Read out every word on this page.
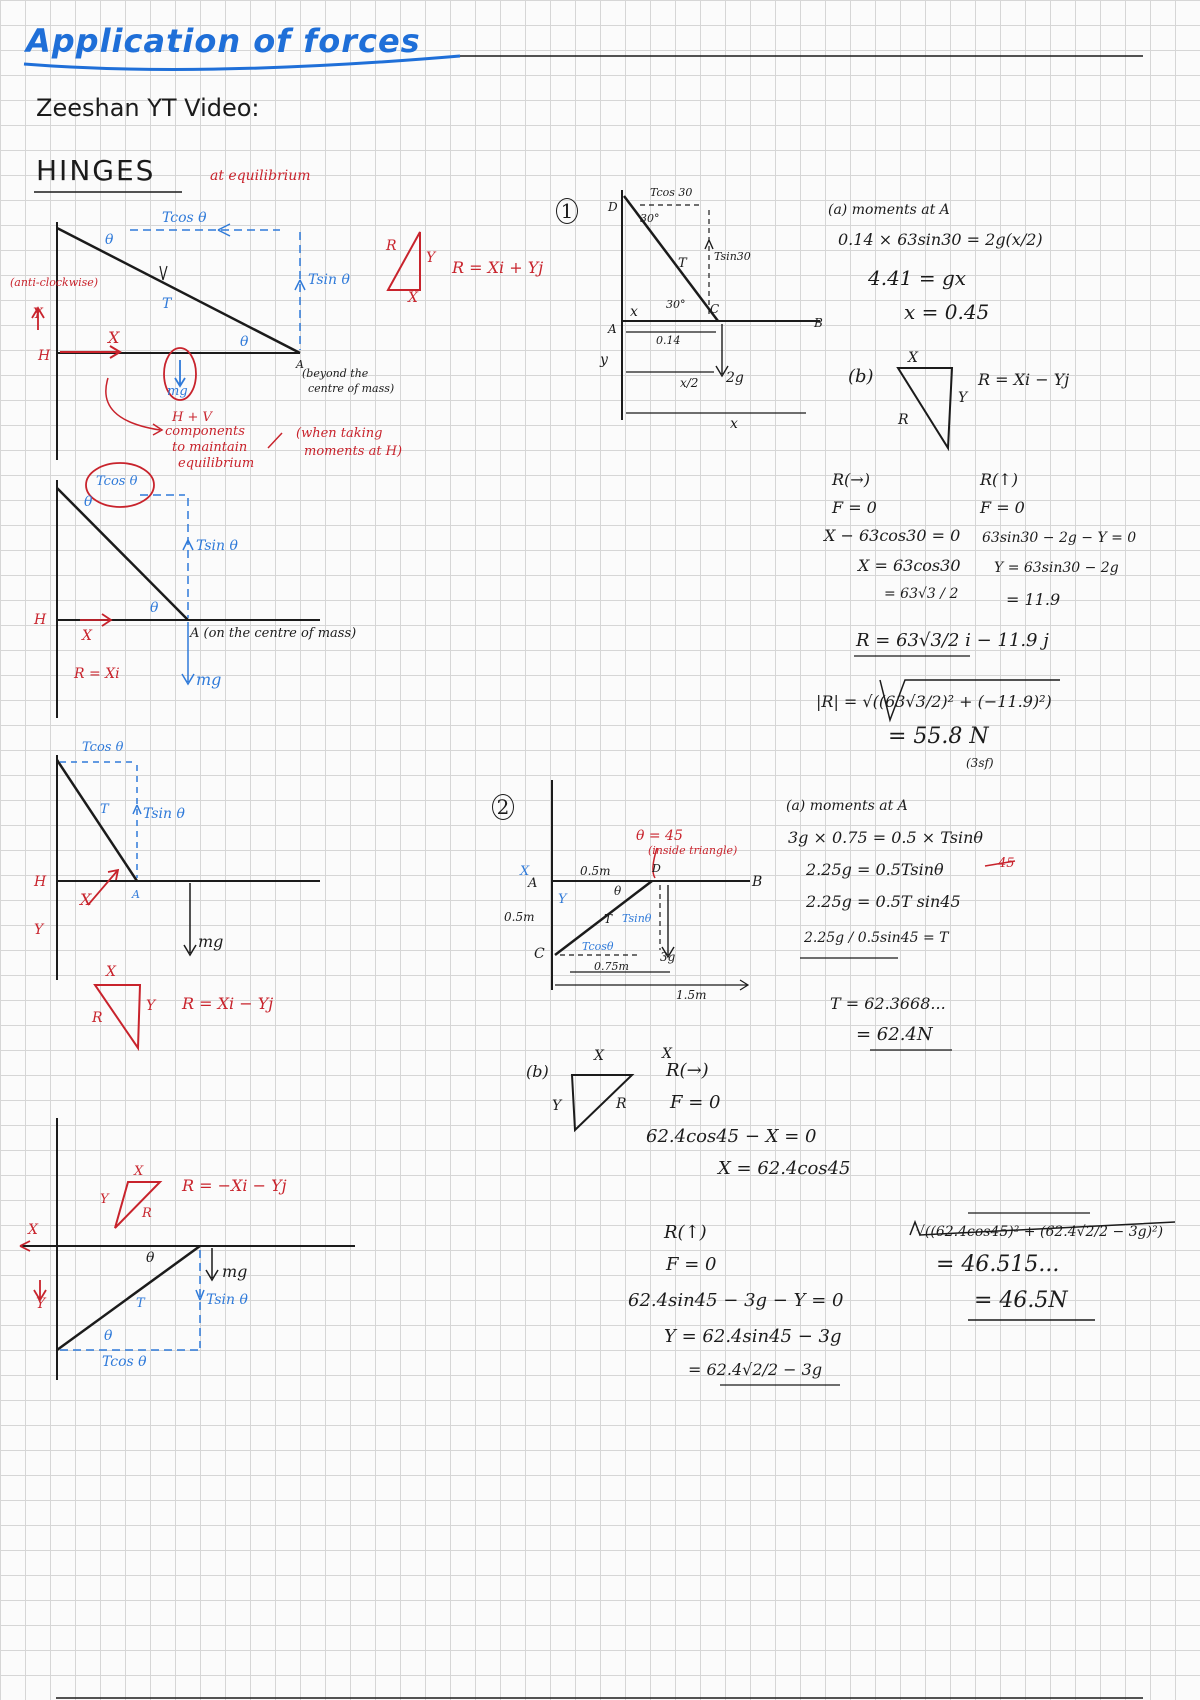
Application of forces
Zeeshan YT Video:
HINGES	at equilibrium
Tcos θ
Tsin θ
θ
θ
T
H
X
Y
(anti-clockwise)
mg
A
(beyond the
centre of mass)
R
X
Y R = Xi + Yj
H + V
components
to maintain
equilibrium
(when taking
moments at H)
Tcos θ
Tsin θ
θ
θ
H
X
R = Xi
A (on the centre of mass)
mg
Tcos θ
Tsin θ
T
H
X
Y
A
mg
X
Y
R
R = Xi − Yj
X
Y
R
R = −Xi − Yj
X
Y
θ
mg
Tsin θ
T
θ
Tcos θ
1
Tcos 30
30°
Tsin30
T
30°
D
A	B
C
x
y
0.14
2g
x/2
x
(a) moments at A
0.14 × 63sin30 = 2g(x/2)
4.41 = gx
x = 0.45
(b)
X
Y
R
R = Xi − Yj
R(→)
F = 0
X − 63cos30 = 0
X = 63cos30
= 63√3 / 2
R(↑)
F = 0
63sin30 − 2g − Y = 0
Y = 63sin30 − 2g
= 11.9
R = 63√3/2 i − 11.9 j
|R| = √((63√3/2)² + (−11.9)²)
= 55.8 N
(3sf)
2
θ = 45
(inside triangle)
A	B
C
D
X
Y
0.5m
0.5m
0.75m
1.5m
T
θ
Tsinθ
Tcosθ
3g
(a) moments at A
3g × 0.75 = 0.5 × Tsinθ
2.25g = 0.5Tsinθ	45
2.25g = 0.5T sin45
2.25g / 0.5sin45 = T
T = 62.3668...
= 62.4N
(b)
X
Y	R
X
R(→)
F = 0
62.4cos45 − X = 0
X = 62.4cos45
R(↑)
F = 0
62.4sin45 − 3g − Y = 0
Y = 62.4sin45 − 3g
= 62.4√2/2 − 3g
√((62.4cos45)² + (62.4√2/2 − 3g)²)
= 46.515...
= 46.5N
